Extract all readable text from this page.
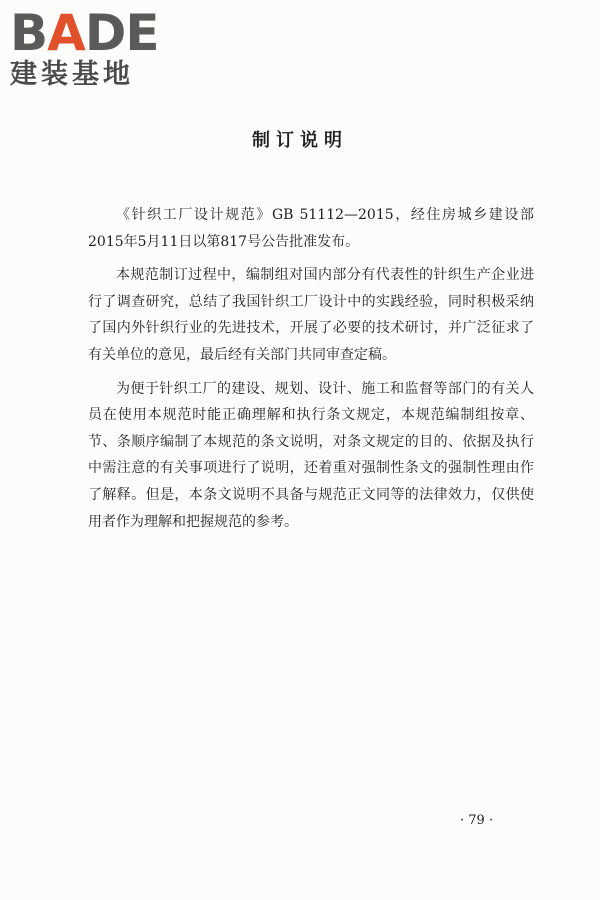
BADE
建装基地
制订说明

《针织工厂设计规范》GB 51112—2015，经住房城乡建设部2015年5月11日以第817号公告批准发布。

本规范制订过程中，编制组对国内部分有代表性的针织生产企业进行了调查研究，总结了我国针织工厂设计中的实践经验，同时积极采纳了国内外针织行业的先进技术，开展了必要的技术研讨，并广泛征求了有关单位的意见，最后经有关部门共同审查定稿。

为便于针织工厂的建设、规划、设计、施工和监督等部门的有关人员在使用本规范时能正确理解和执行条文规定，本规范编制组按章、节、条顺序编制了本规范的条文说明，对条文规定的目的、依据及执行中需注意的有关事项进行了说明，还着重对强制性条文的强制性理由作了解释。但是，本条文说明不具备与规范正文同等的法律效力，仅供使用者作为理解和把握规范的参考。

· 79 ·
